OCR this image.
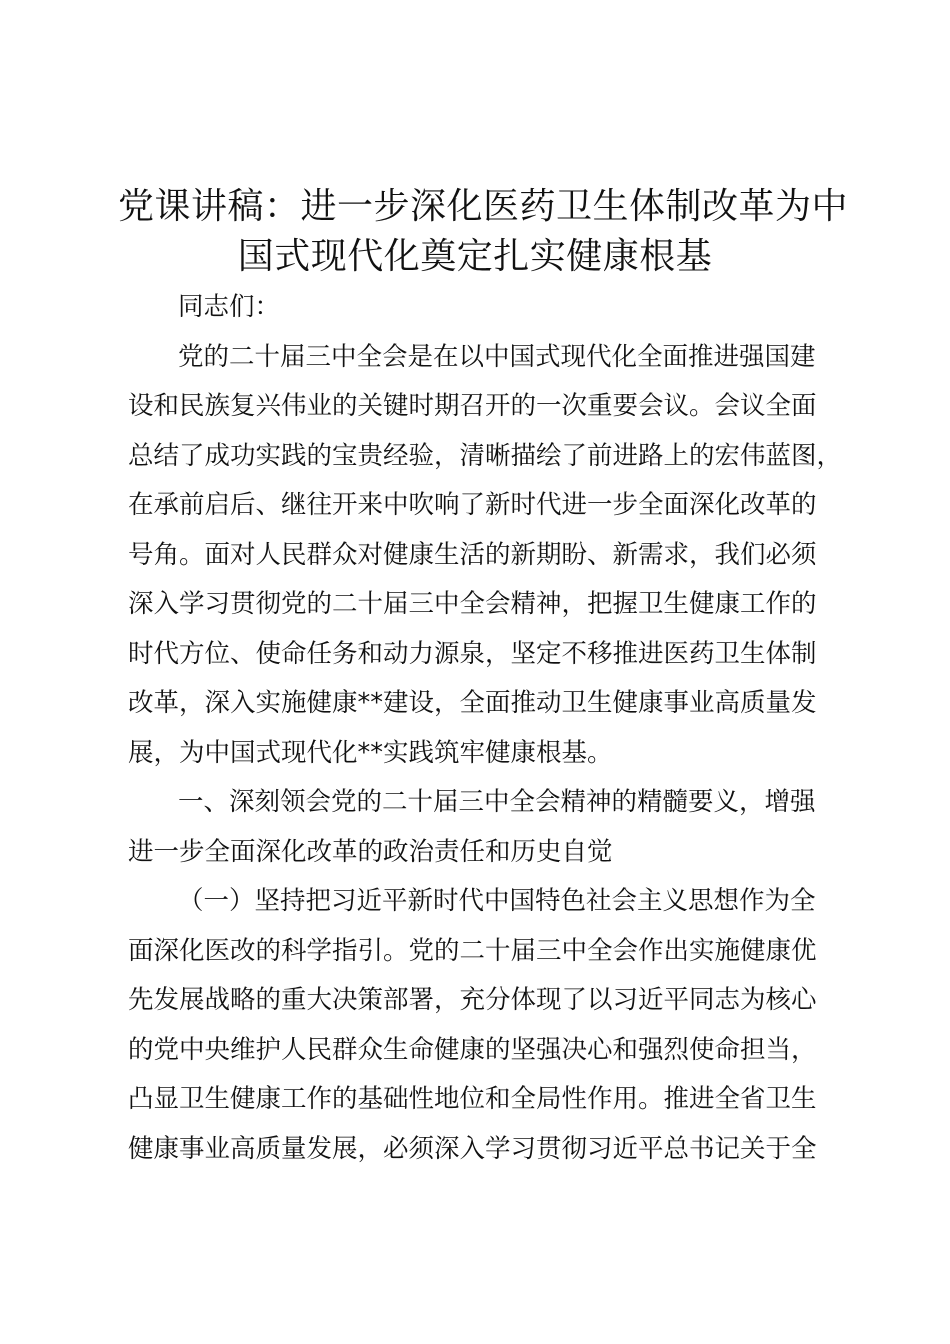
党课讲稿：进一步深化医药卫生体制改革为中
国式现代化奠定扎实健康根基
同志们：
党的二十届三中全会是在以中国式现代化全面推进强国建
设和民族复兴伟业的关键时期召开的一次重要会议。会议全面
总结了成功实践的宝贵经验，清晰描绘了前进路上的宏伟蓝图，
在承前启后、继往开来中吹响了新时代进一步全面深化改革的
号角。面对人民群众对健康生活的新期盼、新需求，我们必须
深入学习贯彻党的二十届三中全会精神，把握卫生健康工作的
时代方位、使命任务和动力源泉，坚定不移推进医药卫生体制
改革，深入实施健康**建设，全面推动卫生健康事业高质量发
展，为中国式现代化**实践筑牢健康根基。
一、深刻领会党的二十届三中全会精神的精髓要义，增强
进一步全面深化改革的政治责任和历史自觉
（一）坚持把习近平新时代中国特色社会主义思想作为全
面深化医改的科学指引。党的二十届三中全会作出实施健康优
先发展战略的重大决策部署，充分体现了以习近平同志为核心
的党中央维护人民群众生命健康的坚强决心和强烈使命担当，
凸显卫生健康工作的基础性地位和全局性作用。推进全省卫生
健康事业高质量发展，必须深入学习贯彻习近平总书记关于全
